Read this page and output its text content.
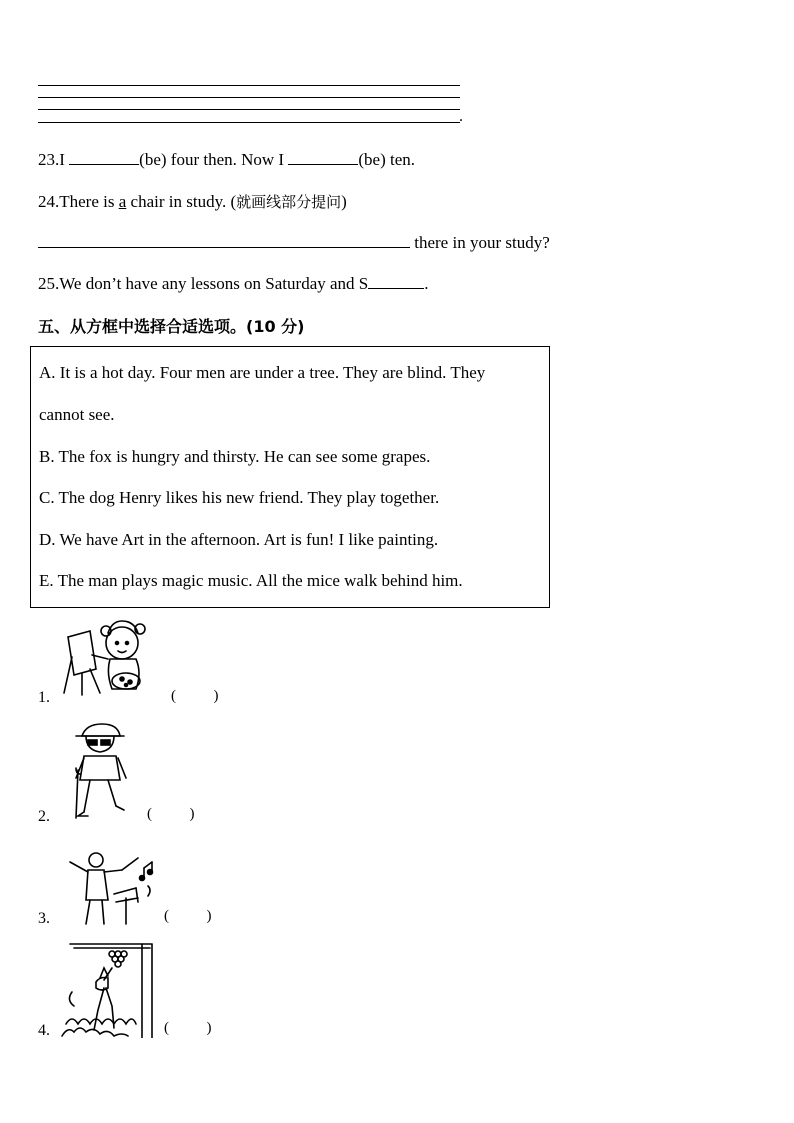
.
23.I	(be) four then. Now I	(be) ten.
24.There is a chair in study. (就画线部分提问)
there in your study?
25.We don’t have any lessons on Saturday and S	.
五、从方框中选择合适选项。(10 分)
A. It is a hot day. Four men are under a tree. They are blind. They
cannot see.
B. The fox is hungry and thirsty. He can see some grapes.
C. The dog Henry likes his new friend. They play together.
D. We have Art in the afternoon. Art is fun! I like painting.
E. The man plays magic music. All the mice walk behind him.
1.	(          )
2.	(          )
3.	(          )
4.	(          )
